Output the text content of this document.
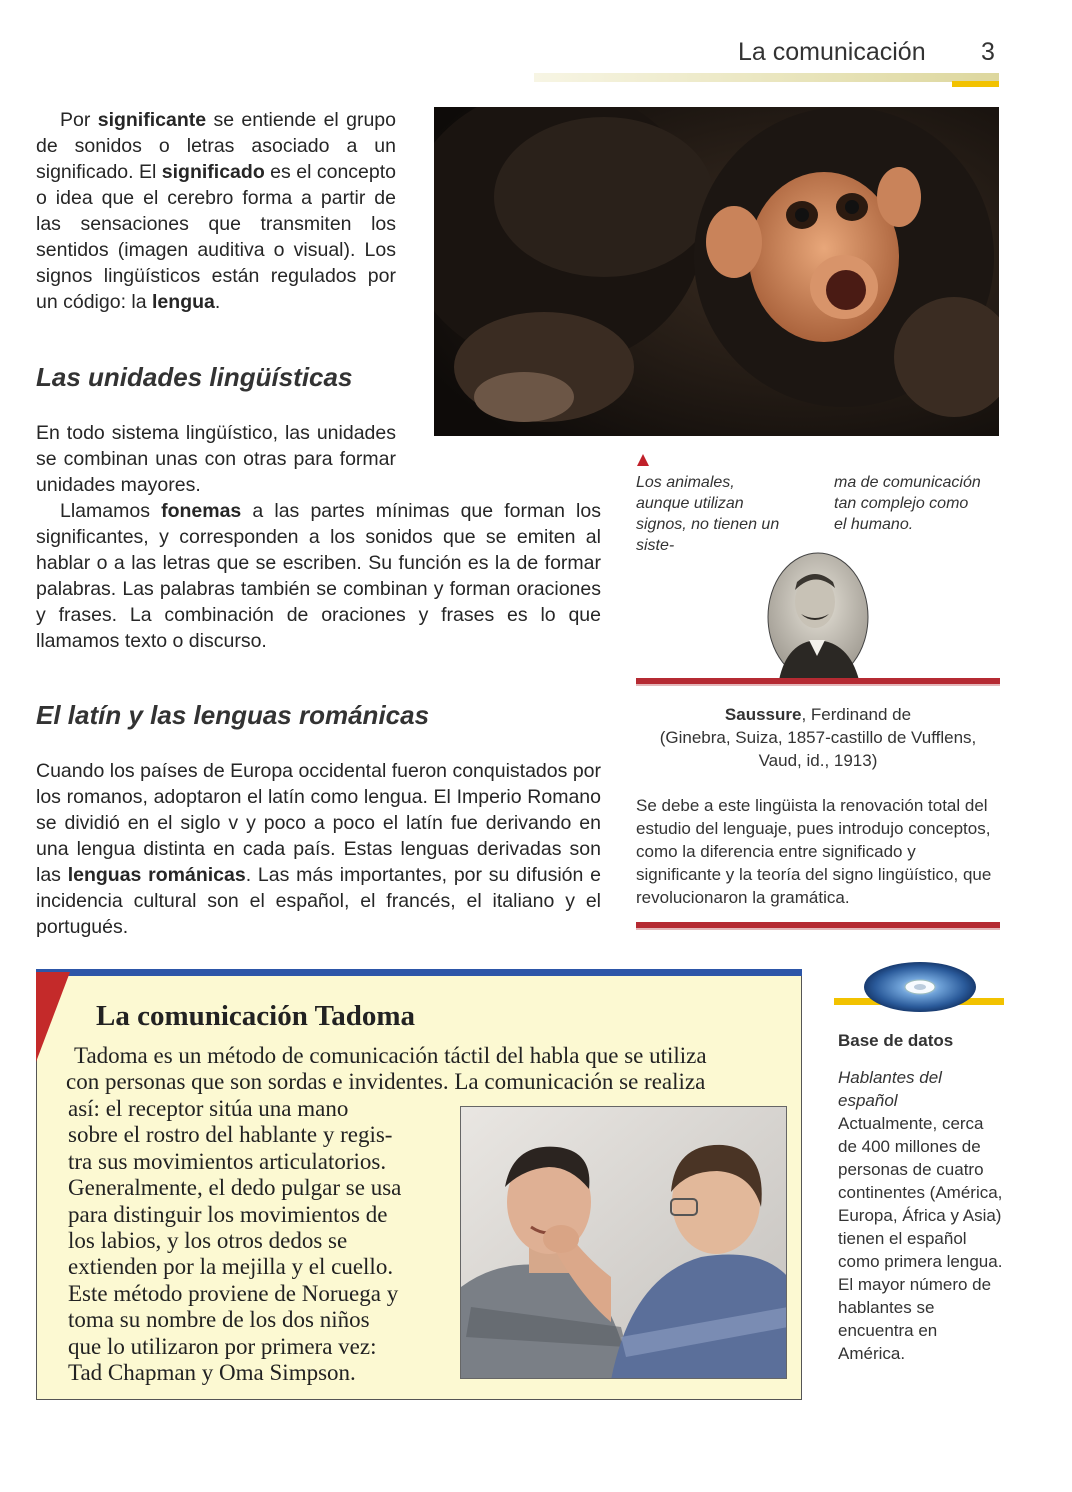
La comunicación 3
Por significante se entiende el grupo de sonidos o letras asociado a un significado. El significado es el concepto o idea que el cerebro forma a partir de las sensaciones que transmiten los sentidos (imagen auditiva o visual). Los signos lingüísticos están regulados por un código: la lengua.
Las unidades lingüísticas
En todo sistema lingüístico, las unidades se combinan unas con otras para formar unidades mayores.
Llamamos fonemas a las partes mínimas que forman los significantes, y corresponden a los sonidos que se emiten al hablar o a las letras que se escriben. Su función es la de formar palabras. Las palabras también se combinan y forman oraciones y frases. La combinación de oraciones y frases es lo que llamamos texto o discurso.
Los animales, aunque utilizan signos, no tienen un siste-
ma de comunicación tan complejo como el humano.
Saussure, Ferdinand de
(Ginebra, Suiza, 1857-castillo de Vufflens, Vaud, id., 1913)
Se debe a este lingüista la renovación total del estudio del lenguaje, pues introdujo conceptos, como la diferencia entre significado y significante y la teoría del signo lingüístico, que revolucionaron la gramática.
El latín y las lenguas románicas
Cuando los países de Europa occidental fueron conquistados por los romanos, adoptaron el latín como lengua. El Imperio Romano se dividió en el siglo v y poco a poco el latín fue derivando en una lengua distinta en cada país. Estas lenguas derivadas son las lenguas románicas. Las más importantes, por su difusión e incidencia cultural son el español, el francés, el italiano y el portugués.
La comunicación Tadoma
Tadoma es un método de comunicación táctil del habla que se utiliza
con personas que son sordas e invidentes. La comunicación se realiza
así: el receptor sitúa una mano
sobre el rostro del hablante y regis-
tra sus movimientos articulatorios.
Generalmente, el dedo pulgar se usa
para distinguir los movimientos de
los labios, y los otros dedos se
extienden por la mejilla y el cuello.
Este método proviene de Noruega y
toma su nombre de los dos niños
que lo utilizaron por primera vez:
Tad Chapman y Oma Simpson.
Base de datos
Hablantes del español
Actualmente, cerca de 400 millones de personas de cuatro continentes (América, Europa, África y Asia) tienen el español como primera lengua. El mayor número de hablantes se encuentra en América.
